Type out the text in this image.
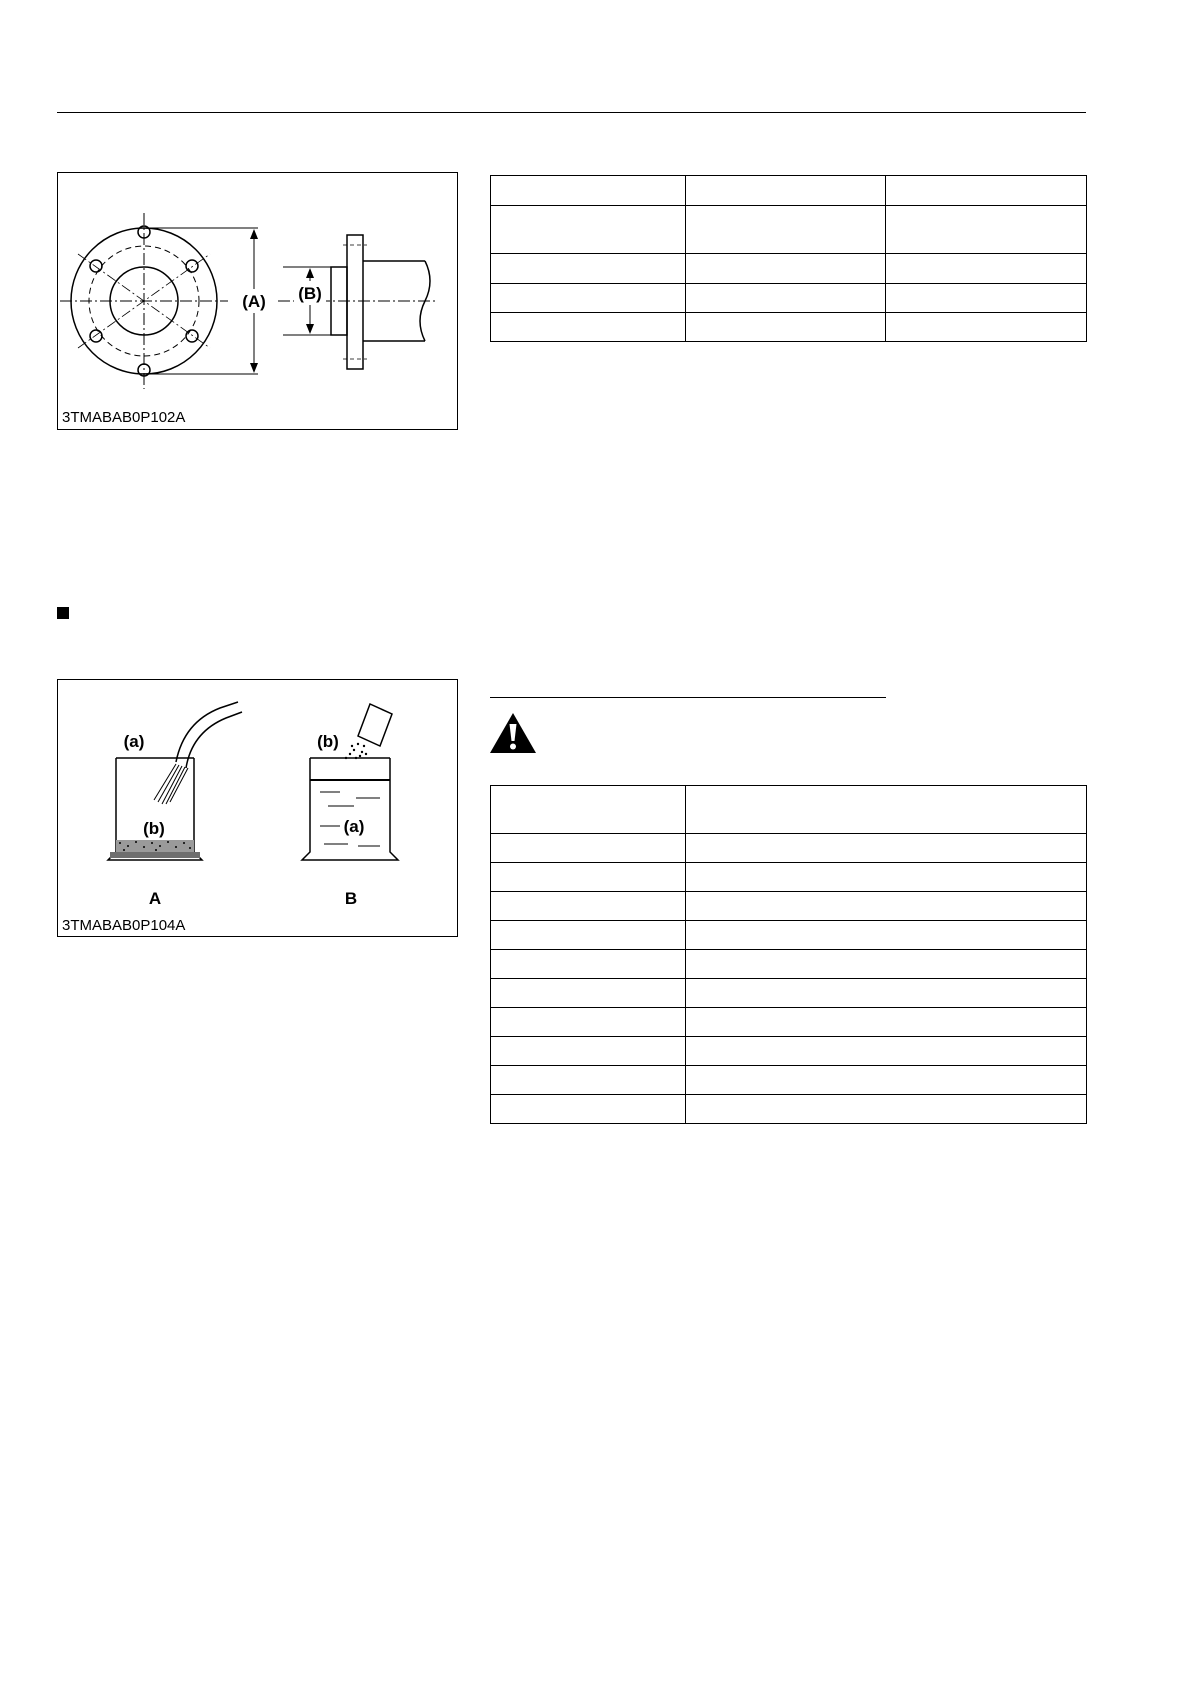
(A) (B)
3TMABAB0P102A

(a)
(b)
(b)
(a)
A	B
3TMABAB0P104A
